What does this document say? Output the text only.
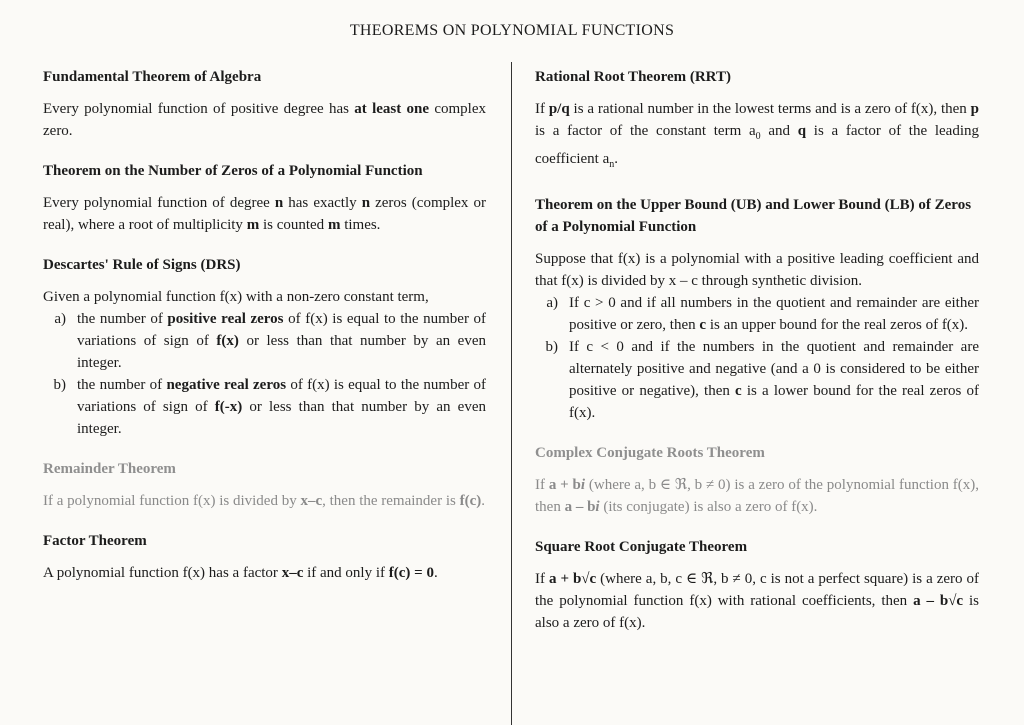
THEOREMS ON POLYNOMIAL FUNCTIONS
Fundamental Theorem of Algebra

Every polynomial function of positive degree has at least one complex zero.

Theorem on the Number of Zeros of a Polynomial Function

Every polynomial function of degree n has exactly n zeros (complex or real), where a root of multiplicity m is counted m times.

Descartes' Rule of Signs (DRS)

Given a polynomial function f(x) with a non-zero constant term,

a) the number of positive real zeros of f(x) is equal to the number of variations of sign of f(x) or less than that number by an even integer.
b) the number of negative real zeros of f(x) is equal to the number of variations of sign of f(-x) or less than that number by an even integer.
Remainder Theorem

If a polynomial function f(x) is divided by x–c, then the remainder is f(c).

Factor Theorem

A polynomial function f(x) has a factor x–c if and only if f(c) = 0.

Rational Root Theorem (RRT)

If p/q is a rational number in the lowest terms and is a zero of f(x), then p is a factor of the constant term $a_0$ and q is a factor of the leading coefficient $a_n$.

Theorem on the Upper Bound (UB) and Lower Bound (LB) of Zeros of a Polynomial Function

Suppose that f(x) is a polynomial with a positive leading coefficient and that f(x) is divided by x – c through synthetic division.

a) If c > 0 and if all numbers in the quotient and remainder are either positive or zero, then c is an upper bound for the real zeros of f(x).
b) If c < 0 and if the numbers in the quotient and remainder are alternately positive and negative (and a 0 is considered to be either positive or negative), then c is a lower bound for the real zeros of f(x).
Complex Conjugate Roots Theorem

If a + bi (where a, b ∈ ℜ, b ≠ 0) is a zero of the polynomial function f(x), then a – bi (its conjugate) is also a zero of f(x).

Square Root Conjugate Theorem

If a + b√c (where a, b, c ∈ ℜ, b ≠ 0, c is not a perfect square) is a zero of the polynomial function f(x) with rational coefficients, then a – b√c is also a zero of f(x).
